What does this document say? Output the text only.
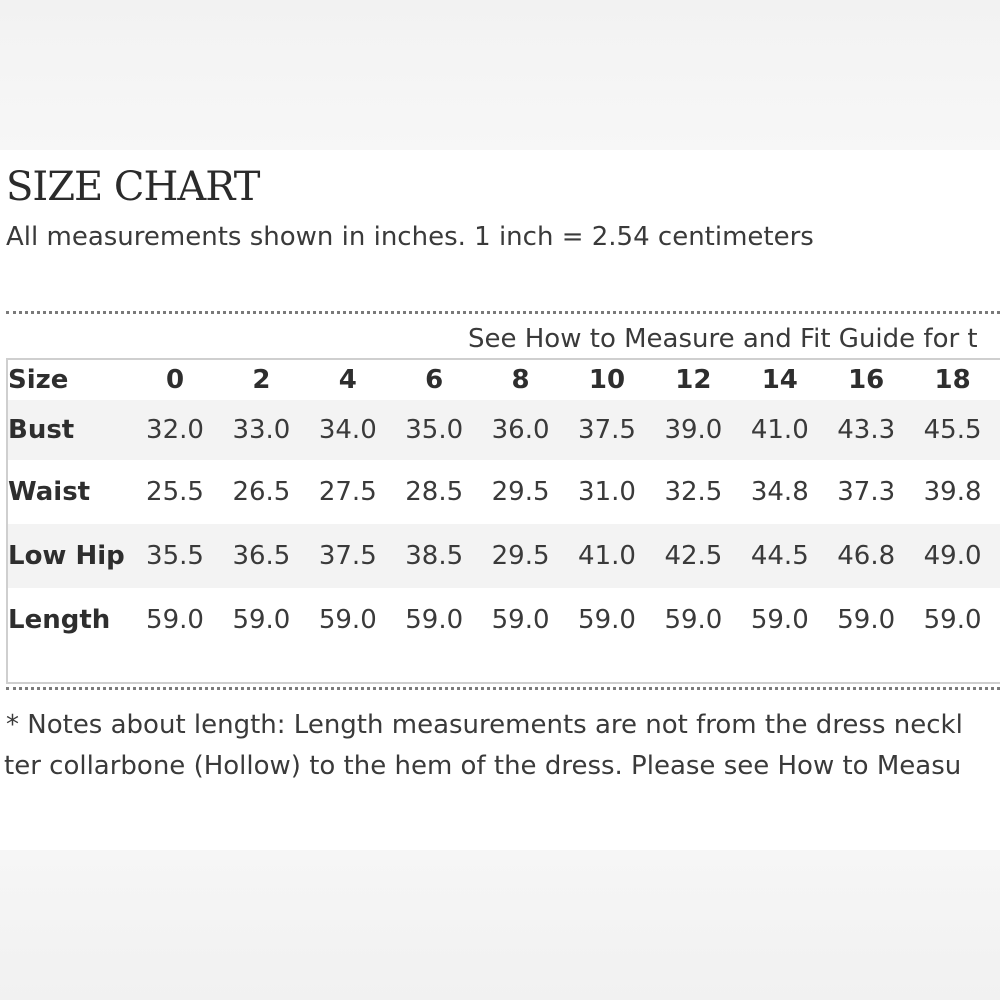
SIZE CHART
All measurements shown in inches. 1 inch = 2.54 centimeters
See How to Measure and Fit Guide for t
Size	0	2	4	6	8	10	12	14	16	18
Bust	32.0	33.0	34.0	35.0	36.0	37.5	39.0	41.0	43.3	45.5
Waist	25.5	26.5	27.5	28.5	29.5	31.0	32.5	34.8	37.3	39.8
Low Hip 35.5	36.5	37.5	38.5	29.5	41.0	42.5	44.5	46.8	49.0
Length	59.0	59.0	59.0	59.0	59.0	59.0	59.0	59.0	59.0	59.0
* Notes about length: Length measurements are not from the dress neckl
ter collarbone (Hollow) to the hem of the dress. Please see How to Measu
